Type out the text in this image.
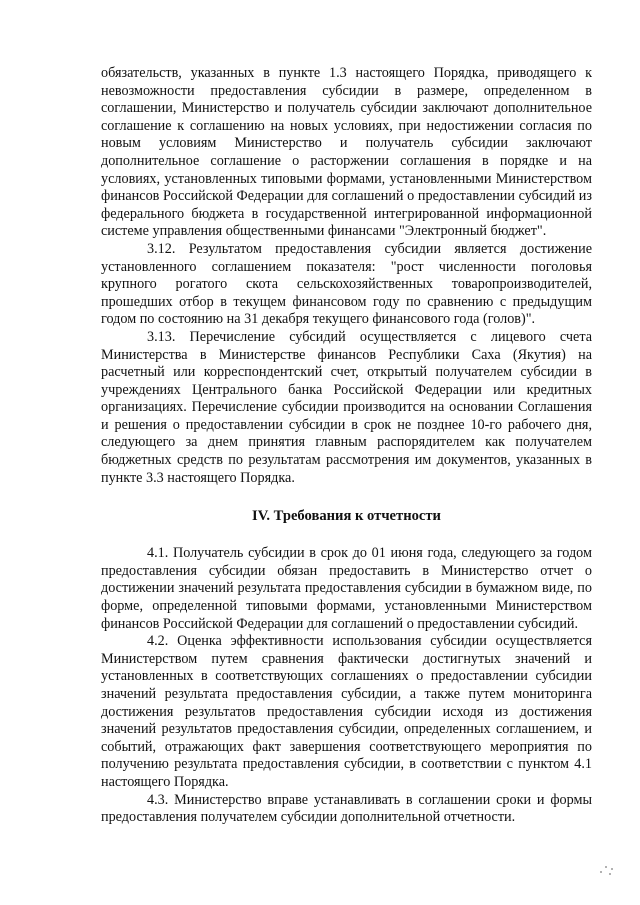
обязательств, указанных в пункте 1.3 настоящего Порядка, приводящего к невозможности предоставления субсидии в размере, определенном в соглашении, Министерство и получатель субсидии заключают дополнительное соглашение к соглашению на новых условиях, при недостижении согласия по новым условиям Министерство и получатель субсидии заключают дополнительное соглашение о расторжении соглашения в порядке и на условиях, установленных типовыми формами, установленными Министерством финансов Российской Федерации для соглашений о предоставлении субсидий из федерального бюджета в государственной интегрированной информационной системе управления общественными финансами "Электронный бюджет".

3.12. Результатом предоставления субсидии является достижение установленного соглашением показателя: "рост численности поголовья крупного рогатого скота сельскохозяйственных товаропроизводителей, прошедших отбор в текущем финансовом году по сравнению с предыдущим годом по состоянию на 31 декабря текущего финансового года (голов)".

3.13. Перечисление субсидий осуществляется с лицевого счета Министерства в Министерстве финансов Республики Саха (Якутия) на расчетный или корреспондентский счет, открытый получателем субсидии в учреждениях Центрального банка Российской Федерации или кредитных организациях. Перечисление субсидии производится на основании Соглашения и решения о предоставлении субсидии в срок не позднее 10-го рабочего дня, следующего за днем принятия главным распорядителем как получателем бюджетных средств по результатам рассмотрения им документов, указанных в пункте 3.3 настоящего Порядка.

IV. Требования к отчетности

4.1. Получатель субсидии в срок до 01 июня года, следующего за годом предоставления субсидии обязан предоставить в Министерство отчет о достижении значений результата предоставления субсидии в бумажном виде, по форме, определенной типовыми формами, установленными Министерством финансов Российской Федерации для соглашений о предоставлении субсидий.

4.2. Оценка эффективности использования субсидии осуществляется Министерством путем сравнения фактически достигнутых значений и установленных в соответствующих соглашениях о предоставлении субсидии значений результата предоставления субсидии, а также путем мониторинга достижения результатов предоставления субсидии исходя из достижения значений результатов предоставления субсидии, определенных соглашением, и событий, отражающих факт завершения соответствующего мероприятия по получению результата предоставления субсидии, в соответствии с пунктом 4.1 настоящего Порядка.

4.3. Министерство вправе устанавливать в соглашении сроки и формы предоставления получателем субсидии дополнительной отчетности.
